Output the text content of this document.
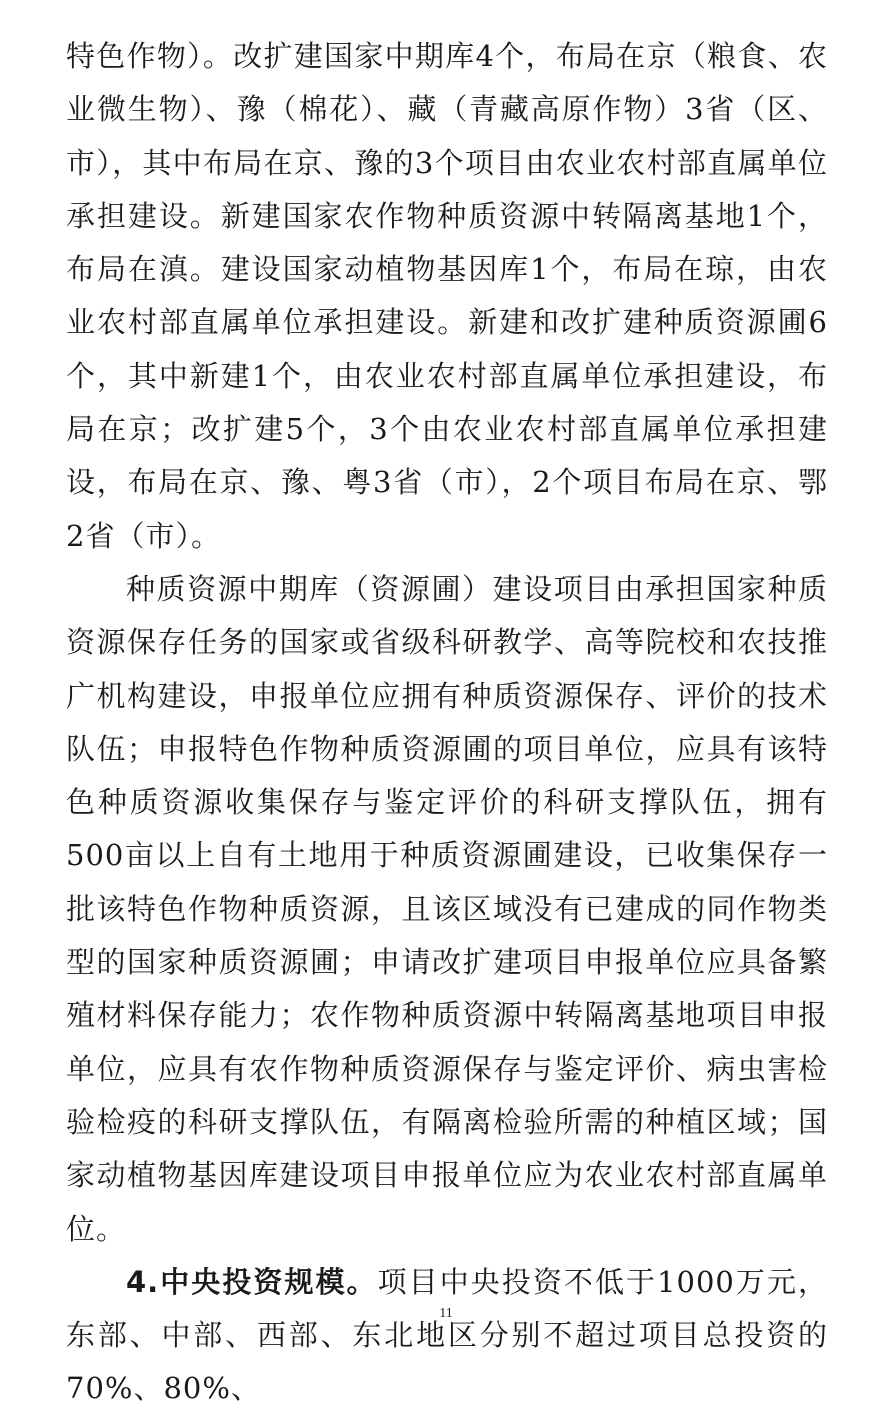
特色作物）。改扩建国家中期库4个，布局在京（粮食、农业微生物）、豫（棉花）、藏（青藏高原作物）3省（区、市），其中布局在京、豫的3个项目由农业农村部直属单位承担建设。新建国家农作物种质资源中转隔离基地1个，布局在滇。建设国家动植物基因库1个，布局在琼，由农业农村部直属单位承担建设。新建和改扩建种质资源圃6个，其中新建1个，由农业农村部直属单位承担建设，布局在京；改扩建5个，3个由农业农村部直属单位承担建设，布局在京、豫、粤3省（市），2个项目布局在京、鄂2省（市）。

种质资源中期库（资源圃）建设项目由承担国家种质资源保存任务的国家或省级科研教学、高等院校和农技推广机构建设，申报单位应拥有种质资源保存、评价的技术队伍；申报特色作物种质资源圃的项目单位，应具有该特色种质资源收集保存与鉴定评价的科研支撑队伍，拥有500亩以上自有土地用于种质资源圃建设，已收集保存一批该特色作物种质资源，且该区域没有已建成的同作物类型的国家种质资源圃；申请改扩建项目申报单位应具备繁殖材料保存能力；农作物种质资源中转隔离基地项目申报单位，应具有农作物种质资源保存与鉴定评价、病虫害检验检疫的科研支撑队伍，有隔离检验所需的种植区域；国家动植物基因库建设项目申报单位应为农业农村部直属单位。

4.中央投资规模。项目中央投资不低于1000万元，东部、中部、西部、东北地区分别不超过项目总投资的70%、80%、

11
